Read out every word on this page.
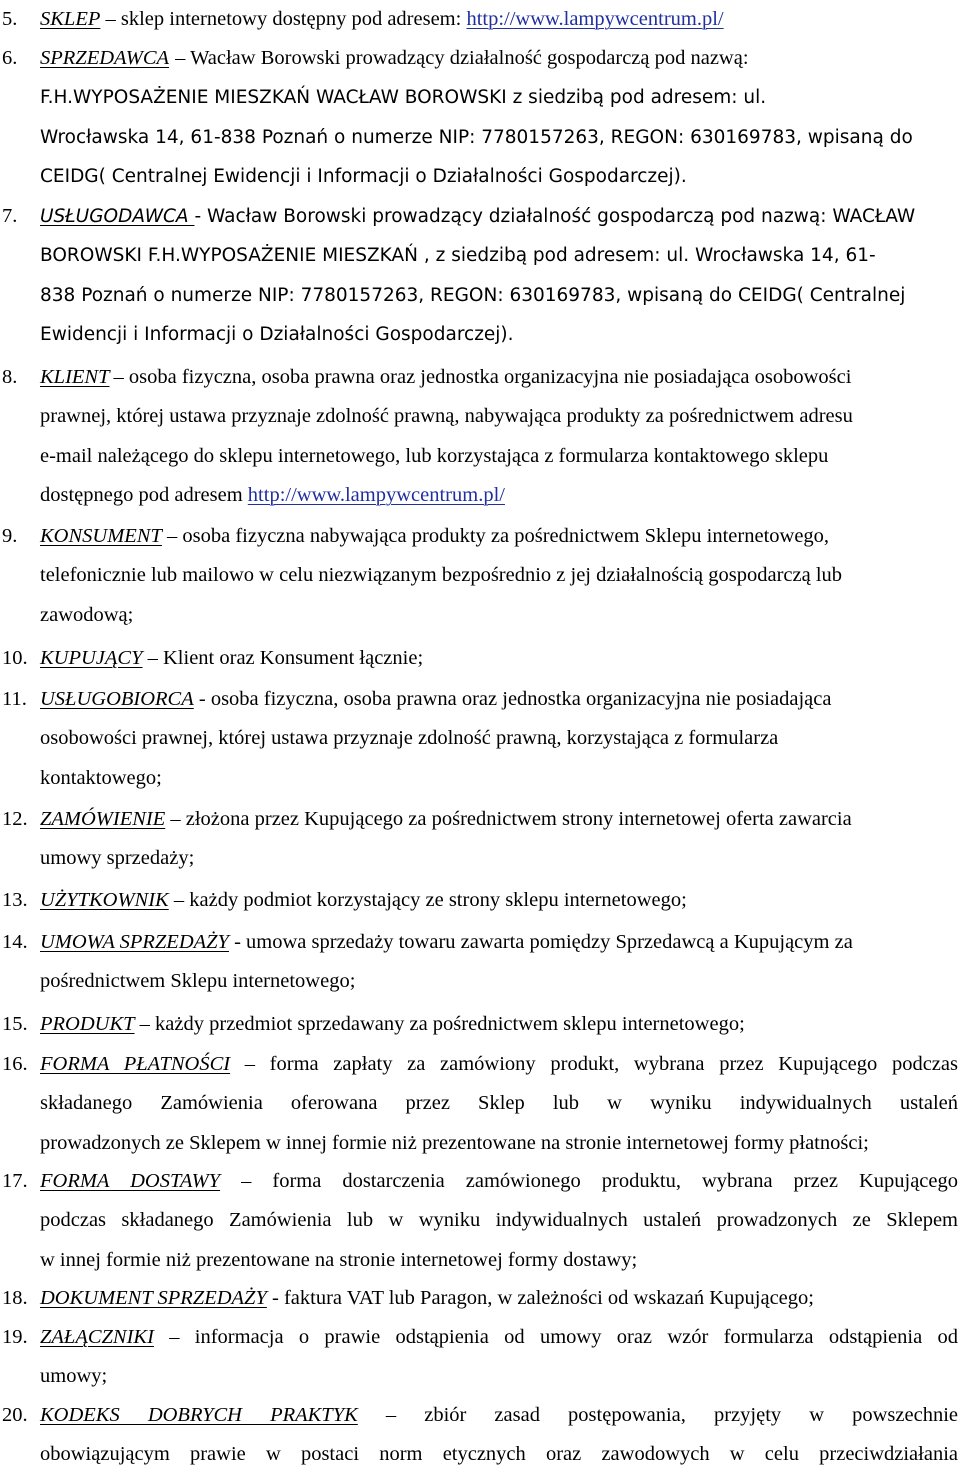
5. SKLEP – sklep internetowy dostępny pod adresem: http://www.lampywcentrum.pl/
6. SPRZEDAWCA – Wacław Borowski prowadzący działalność gospodarczą pod nazwą:
F.H.WYPOSAŻENIE MIESZKAŃ WACŁAW BOROWSKI z siedzibą pod adresem: ul.
Wrocławska 14, 61-838 Poznań o numerze NIP: 7780157263, REGON: 630169783, wpisaną do
CEIDG( Centralnej Ewidencji i Informacji o Działalności Gospodarczej).
7. USŁUGODAWCA - Wacław Borowski prowadzący działalność gospodarczą pod nazwą: WACŁAW
BOROWSKI F.H.WYPOSAŻENIE MIESZKAŃ , z siedzibą pod adresem: ul. Wrocławska 14, 61-
838 Poznań o numerze NIP: 7780157263, REGON: 630169783, wpisaną do CEIDG( Centralnej
Ewidencji i Informacji o Działalności Gospodarczej).
8. KLIENT – osoba fizyczna, osoba prawna oraz jednostka organizacyjna nie posiadająca osobowości
prawnej, której ustawa przyznaje zdolność prawną, nabywająca produkty za pośrednictwem adresu
e-mail należącego do sklepu internetowego, lub korzystająca z formularza kontaktowego sklepu
dostępnego pod adresem http://www.lampywcentrum.pl/
9. KONSUMENT – osoba fizyczna nabywająca produkty za pośrednictwem Sklepu internetowego,
telefonicznie lub mailowo w celu niezwiązanym bezpośrednio z jej działalnością gospodarczą lub
zawodową;
10. KUPUJĄCY – Klient oraz Konsument łącznie;
11. USŁUGOBIORCA - osoba fizyczna, osoba prawna oraz jednostka organizacyjna nie posiadająca
osobowości prawnej, której ustawa przyznaje zdolność prawną, korzystająca z formularza
kontaktowego;
12. ZAMÓWIENIE – złożona przez Kupującego za pośrednictwem strony internetowej oferta zawarcia
umowy sprzedaży;
13. UŻYTKOWNIK – każdy podmiot korzystający ze strony sklepu internetowego;
14. UMOWA SPRZEDAŻY - umowa sprzedaży towaru zawarta pomiędzy Sprzedawcą a Kupującym za
pośrednictwem Sklepu internetowego;
15. PRODUKT – każdy przedmiot sprzedawany za pośrednictwem sklepu internetowego;
16. FORMA PŁATNOŚCI – forma zapłaty za zamówiony produkt, wybrana przez Kupującego podczas
składanego Zamówienia oferowana przez Sklep lub w wyniku indywidualnych ustaleń
prowadzonych ze Sklepem w innej formie niż prezentowane na stronie internetowej formy płatności;
17. FORMA DOSTAWY – forma dostarczenia zamówionego produktu, wybrana przez Kupującego
podczas składanego Zamówienia lub w wyniku indywidualnych ustaleń prowadzonych ze Sklepem
w innej formie niż prezentowane na stronie internetowej formy dostawy;
18. DOKUMENT SPRZEDAŻY - faktura VAT lub Paragon, w zależności od wskazań Kupującego;
19. ZAŁĄCZNIKI – informacja o prawie odstąpienia od umowy oraz wzór formularza odstąpienia od
umowy;
20. KODEKS DOBRYCH PRAKTYK – zbiór zasad postępowania, przyjęty w powszechnie
obowiązującym prawie w postaci norm etycznych oraz zawodowych w celu przeciwdziałania
